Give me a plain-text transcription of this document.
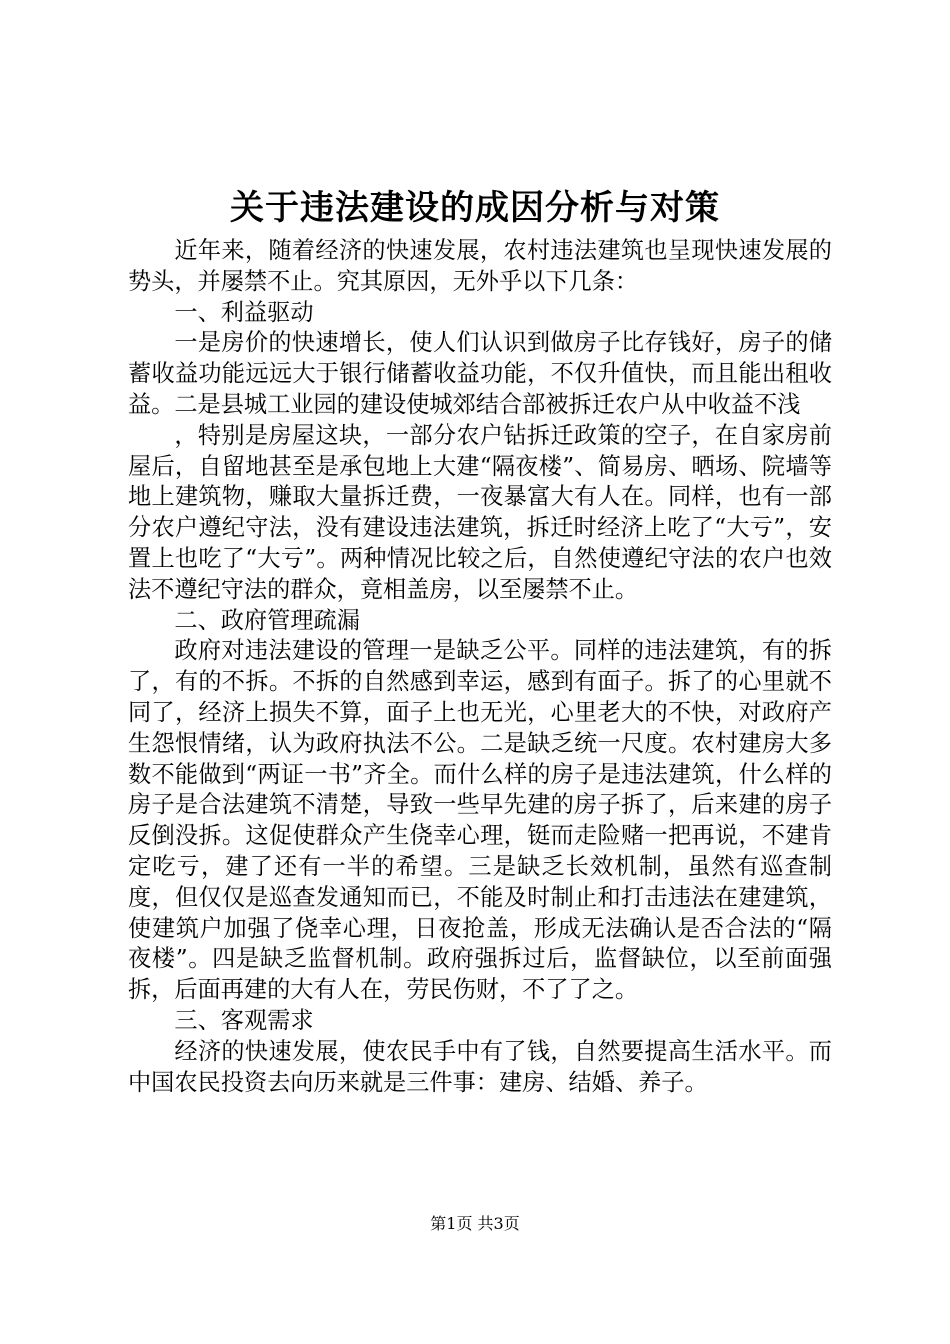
关于违法建设的成因分析与对策

近年来，随着经济的快速发展，农村违法建筑也呈现快速发展的势头，并屡禁不止。究其原因，无外乎以下几条：

一、利益驱动

一是房价的快速增长，使人们认识到做房子比存钱好，房子的储蓄收益功能远远大于银行储蓄收益功能，不仅升值快，而且能出租收益。二是县城工业园的建设使城郊结合部被拆迁农户从中收益不浅

，特别是房屋这块，一部分农户钻拆迁政策的空子，在自家房前屋后，自留地甚至是承包地上大建“隔夜楼”、简易房、晒场、院墙等地上建筑物，赚取大量拆迁费，一夜暴富大有人在。同样，也有一部分农户遵纪守法，没有建设违法建筑，拆迁时经济上吃了“大亏”，安置上也吃了“大亏”。两种情况比较之后，自然使遵纪守法的农户也效法不遵纪守法的群众，竟相盖房，以至屡禁不止。

二、政府管理疏漏

政府对违法建设的管理一是缺乏公平。同样的违法建筑，有的拆了，有的不拆。不拆的自然感到幸运，感到有面子。拆了的心里就不同了，经济上损失不算，面子上也无光，心里老大的不快，对政府产生怨恨情绪，认为政府执法不公。二是缺乏统一尺度。农村建房大多数不能做到“两证一书”齐全。而什么样的房子是违法建筑，什么样的房子是合法建筑不清楚，导致一些早先建的房子拆了，后来建的房子反倒没拆。这促使群众产生侥幸心理，铤而走险赌一把再说，不建肯定吃亏，建了还有一半的希望。三是缺乏长效机制，虽然有巡查制度，但仅仅是巡查发通知而已，不能及时制止和打击违法在建建筑，使建筑户加强了侥幸心理，日夜抢盖，形成无法确认是否合法的“隔夜楼”。四是缺乏监督机制。政府强拆过后，监督缺位，以至前面强拆，后面再建的大有人在，劳民伤财，不了了之。

三、客观需求

经济的快速发展，使农民手中有了钱，自然要提高生活水平。而中国农民投资去向历来就是三件事：建房、结婚、养子。

第1页 共3页
